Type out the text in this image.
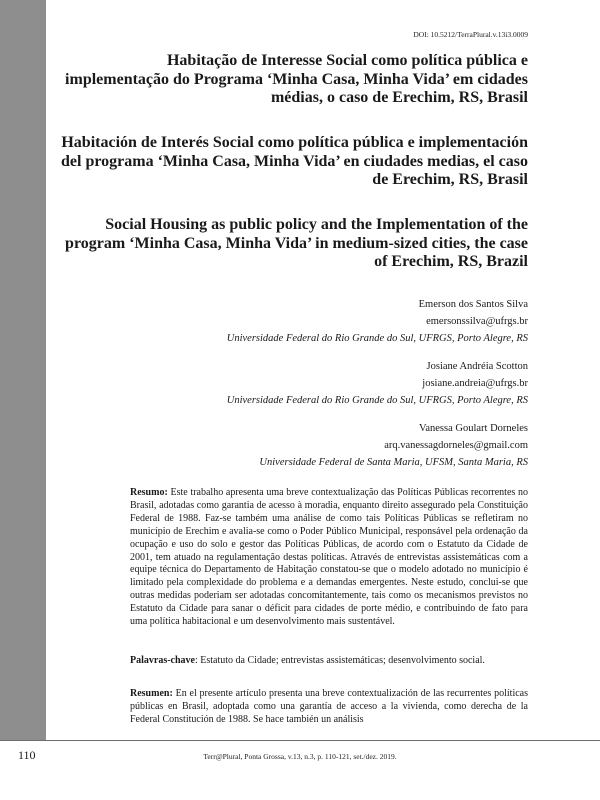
DOI: 10.5212/TerraPlural.v.13i3.0009
Habitação de Interesse Social como política pública e implementação do Programa ‘Minha Casa, Minha Vida’ em cidades médias, o caso de Erechim, RS, Brasil
Habitación de Interés Social como política pública e implementación del programa ‘Minha Casa, Minha Vida’ en ciudades medias, el caso de Erechim, RS, Brasil
Social Housing as public policy and the Implementation of the program ‘Minha Casa, Minha Vida’ in medium-sized cities, the case of Erechim, RS, Brazil
Emerson dos Santos Silva
emersonssilva@ufrgs.br
Universidade Federal do Rio Grande do Sul, UFRGS, Porto Alegre, RS
Josiane Andréia Scotton
josiane.andreia@ufrgs.br
Universidade Federal do Rio Grande do Sul, UFRGS, Porto Alegre, RS
Vanessa Goulart Dorneles
arq.vanessagdorneles@gmail.com
Universidade Federal de Santa Maria, UFSM, Santa Maria, RS

Resumo: Este trabalho apresenta uma breve contextualização das Políticas Públicas recorrentes no Brasil, adotadas como garantia de acesso à moradia, enquanto direito assegurado pela Constituição Federal de 1988. Faz-se também uma análise de como tais Políticas Públicas se refletiram no município de Erechim e avalia-se como o Poder Público Municipal, responsável pela ordenação da ocupação e uso do solo e gestor das Políticas Públicas, de acordo com o Estatuto da Cidade de 2001, tem atuado na regulamentação destas políticas. Através de entrevistas assistemáticas com a equipe técnica do Departamento de Habitação constatou-se que o modelo adotado no município é limitado pela complexidade do problema e a demandas emergentes. Neste estudo, conclui-se que outras medidas poderiam ser adotadas concomitantemente, tais como os mecanismos previstos no Estatuto da Cidade para sanar o déficit para cidades de porte médio, e contribuindo de fato para uma política habitacional e um desenvolvimento mais sustentável.

Palavras-chave: Estatuto da Cidade; entrevistas assistemáticas; desenvolvimento social.

Resumen: En el presente artículo presenta una breve contextualización de las recurrentes políticas públicas en Brasil, adoptada como una garantía de acceso a la vivienda, como derecha de la Federal Constitución de 1988. Se hace también un análisis

110	Terr@Plural, Ponta Grossa, v.13, n.3, p. 110-121, set./dez. 2019.
